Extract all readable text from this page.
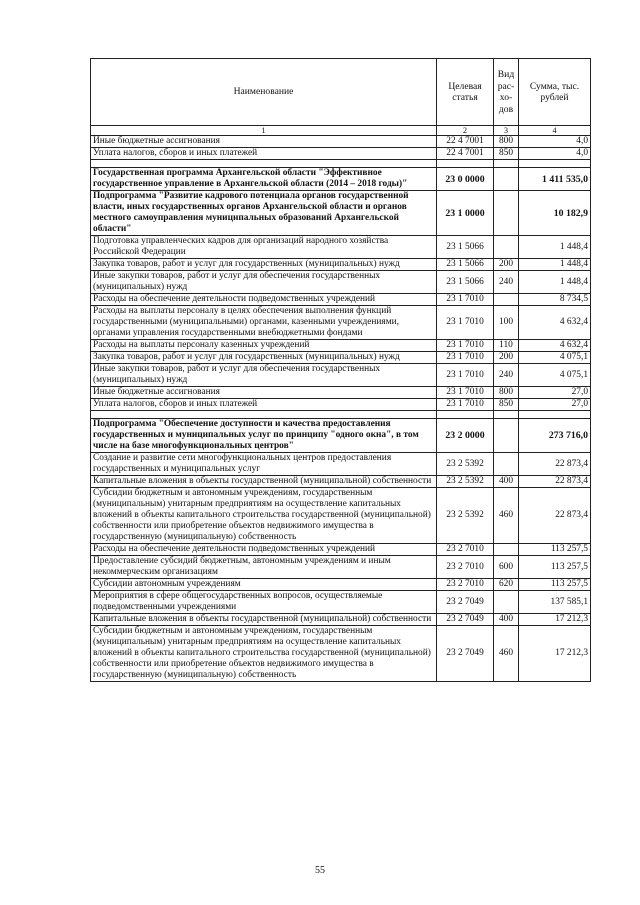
Наименование	Целевая статья	Вид рас-хо-дов	Сумма, тыс. рублей
1	2	3	4
Иные бюджетные ассигнования	22 4 7001	800	4,0
Уплата налогов, сборов и иных платежей	22 4 7001	850	4,0

Государственная программа Архангельской области "Эффективное государственное управление в Архангельской области (2014 – 2018 годы)"	23 0 0000		1 411 535,0
Подпрограмма "Развитие кадрового потенциала органов государственной власти, иных государственных органов Архангельской области и органов местного самоуправления муниципальных образований Архангельской области"	23 1 0000		10 182,9
Подготовка управленческих кадров для организаций народного хозяйства Российской Федерации	23 1 5066		1 448,4
Закупка товаров, работ и услуг для государственных (муниципальных) нужд	23 1 5066	200	1 448,4
Иные закупки товаров, работ и услуг для обеспечения государственных (муниципальных) нужд	23 1 5066	240	1 448,4
Расходы на обеспечение деятельности подведомственных учреждений	23 1 7010		8 734,5
Расходы на выплаты персоналу в целях обеспечения выполнения функций государственными (муниципальными) органами, казенными учреждениями, органами управления государственными внебюджетными фондами	23 1 7010	100	4 632,4
Расходы на выплаты персоналу казенных учреждений	23 1 7010	110	4 632,4
Закупка товаров, работ и услуг для государственных (муниципальных) нужд	23 1 7010	200	4 075,1
Иные закупки товаров, работ и услуг для обеспечения государственных (муниципальных) нужд	23 1 7010	240	4 075,1
Иные бюджетные ассигнования	23 1 7010	800	27,0
Уплата налогов, сборов и иных платежей	23 1 7010	850	27,0

Подпрограмма "Обеспечение доступности и качества предоставления государственных и муниципальных услуг по принципу "одного окна", в том числе на базе многофункциональных центров"	23 2 0000		273 716,0
Создание и развитие сети многофункциональных центров предоставления государственных и муниципальных услуг	23 2 5392		22 873,4
Капитальные вложения в объекты государственной (муниципальной) собственности	23 2 5392	400	22 873,4
Субсидии бюджетным и автономным учреждениям, государственным (муниципальным) унитарным предприятиям на осуществление капитальных вложений в объекты капитального строительства государственной (муниципальной) собственности или приобретение объектов недвижимого имущества в государственную (муниципальную) собственность	23 2 5392	460	22 873,4
Расходы на обеспечение деятельности подведомственных учреждений	23 2 7010		113 257,5
Предоставление субсидий бюджетным, автономным учреждениям и иным некоммерческим организациям	23 2 7010	600	113 257,5
Субсидии автономным учреждениям	23 2 7010	620	113 257,5
Мероприятия в сфере общегосударственных вопросов, осуществляемые подведомственными учреждениями	23 2 7049		137 585,1
Капитальные вложения в объекты государственной (муниципальной) собственности	23 2 7049	400	17 212,3
Субсидии бюджетным и автономным учреждениям, государственным (муниципальным) унитарным предприятиям на осуществление капитальных вложений в объекты капитального строительства государственной (муниципальной) собственности или приобретение объектов недвижимого имущества в государственную (муниципальную) собственность	23 2 7049	460	17 212,3
55
